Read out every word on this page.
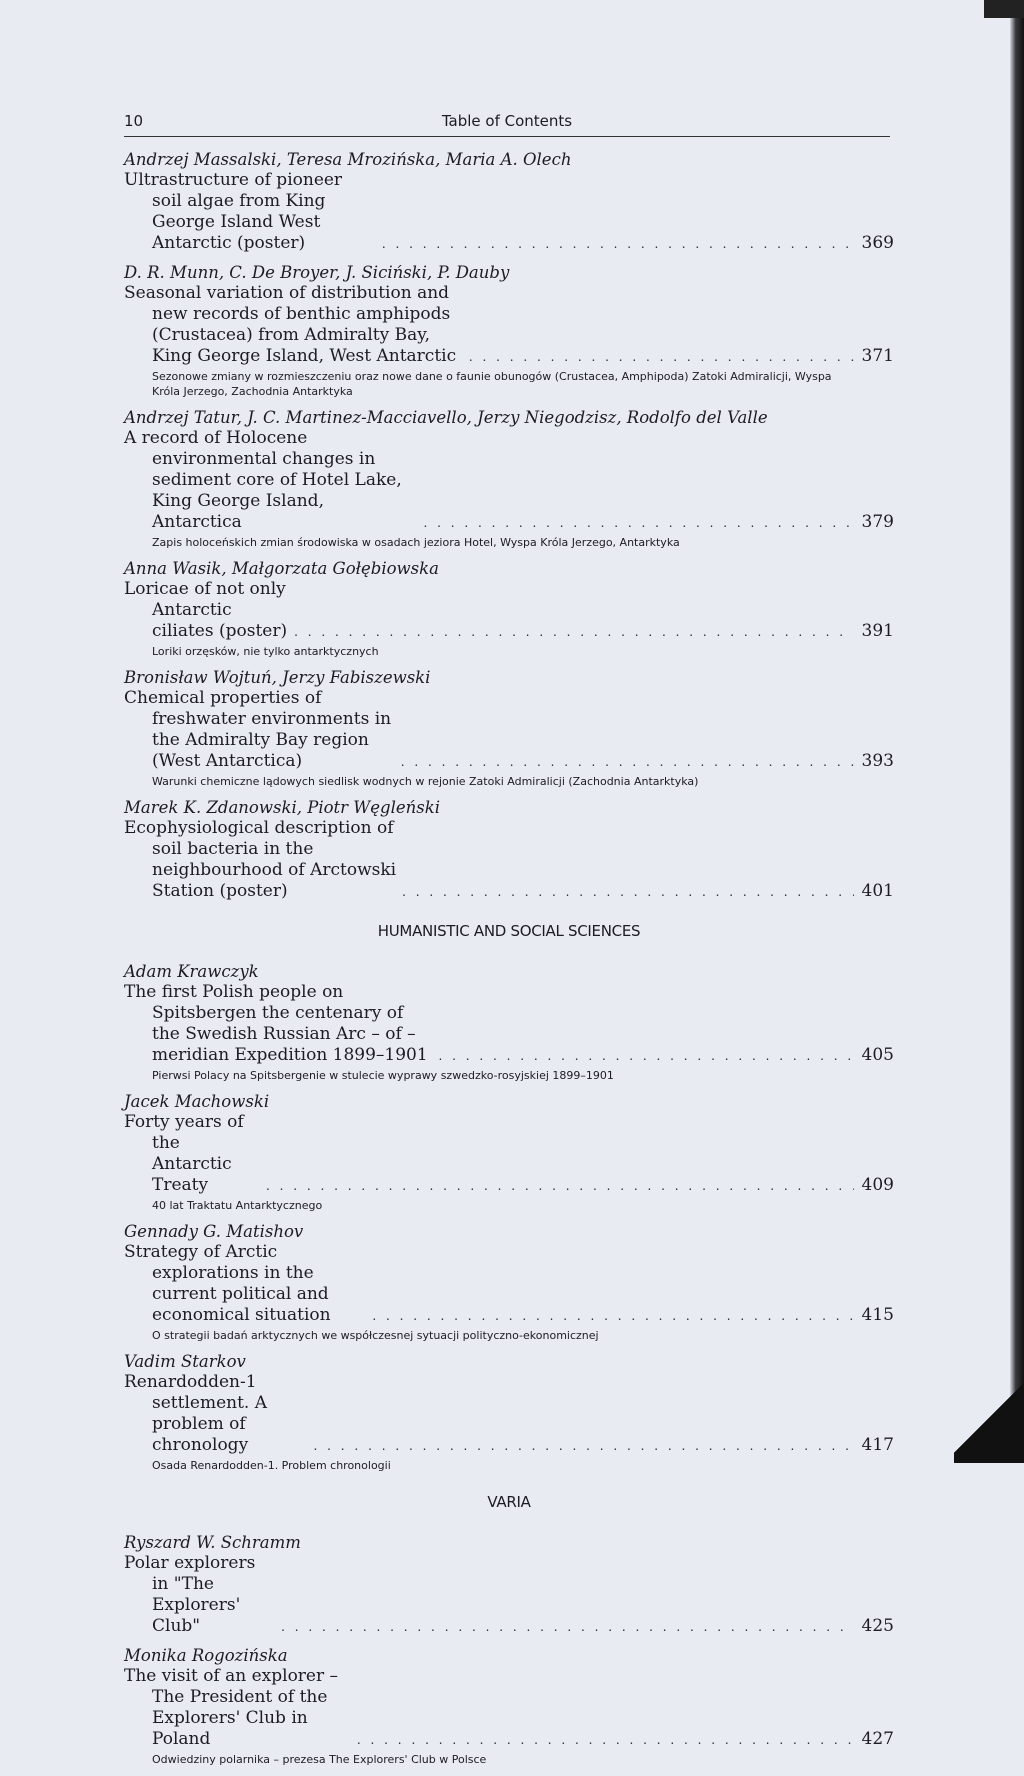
10	Table of Contents
Andrzej Massalski, Teresa Mrozińska, Maria A. Olech
Ultrastructure of pioneer soil algae from King George Island West Antarctic (poster) . . .	369
D. R. Munn, C. De Broyer, J. Siciński, P. Dauby
Seasonal variation of distribution and new records of benthic amphipods (Crustacea) from Admiralty Bay, King George Island, West Antarctic . . .	371
Sezonowe zmiany w rozmieszczeniu oraz nowe dane o faunie obunogów (Crustacea, Amphipoda) Zatoki Admiralicji, Wyspa Króla Jerzego, Zachodnia Antarktyka
Andrzej Tatur, J. C. Martinez-Macciavello, Jerzy Niegodzisz, Rodolfo del Valle
A record of Holocene environmental changes in sediment core of Hotel Lake, King George Island, Antarctica . . .	379
Zapis holoceńskich zmian środowiska w osadach jeziora Hotel, Wyspa Króla Jerzego, Antarktyka
Anna Wasik, Małgorzata Gołębiowska
Loricae of not only Antarctic ciliates (poster) . . .	391
Loriki orzęsków, nie tylko antarktycznych
Bronisław Wojtuń, Jerzy Fabiszewski
Chemical properties of freshwater environments in the Admiralty Bay region (West Antarctica) . . .	393
Warunki chemiczne lądowych siedlisk wodnych w rejonie Zatoki Admiralicji (Zachodnia Antarktyka)
Marek K. Zdanowski, Piotr Węgleński
Ecophysiological description of soil bacteria in the neighbourhood of Arctowski Station (poster) . . .	401
HUMANISTIC AND SOCIAL SCIENCES
Adam Krawczyk
The first Polish people on Spitsbergen the centenary of the Swedish Russian Arc – of – meridian Expedition 1899–1901 . . .	405
Pierwsi Polacy na Spitsbergenie w stulecie wyprawy szwedzko-rosyjskiej 1899–1901
Jacek Machowski
Forty years of the Antarctic Treaty . . .	409
40 lat Traktatu Antarktycznego
Gennady G. Matishov
Strategy of Arctic explorations in the current political and economical situation . . .	415
O strategii badań arktycznych we współczesnej sytuacji polityczno-ekonomicznej
Vadim Starkov
Renardodden-1 settlement. A problem of chronology . . .	417
Osada Renardodden-1. Problem chronologii
VARIA
Ryszard W. Schramm
Polar explorers in "The Explorers' Club" . . .	425
Monika Rogozińska
The visit of an explorer – The President of the Explorers' Club in Poland . . .	427
Odwiedziny polarnika – prezesa The Explorers' Club w Polsce
